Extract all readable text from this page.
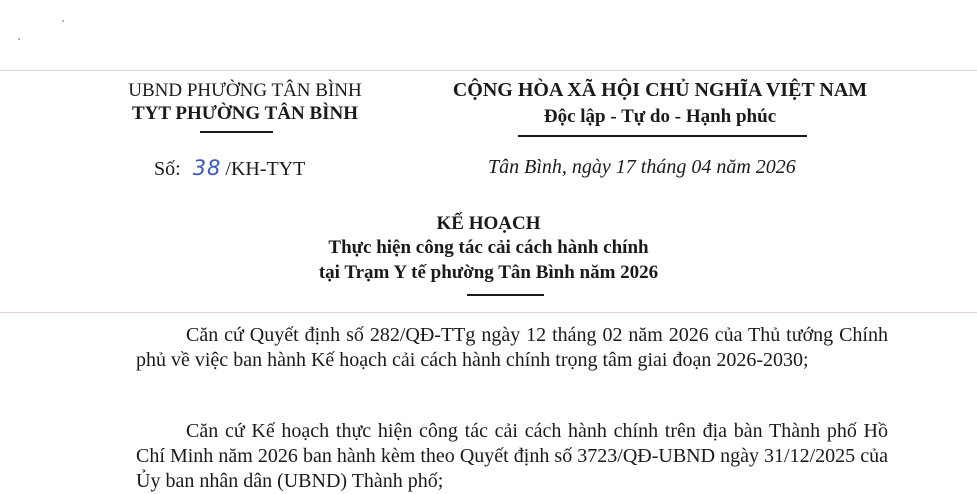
UBND PHƯỜNG TÂN BÌNH
TYT PHƯỜNG TÂN BÌNH
CỘNG HÒA XÃ HỘI CHỦ NGHĨA VIỆT NAM
Độc lập - Tự do - Hạnh phúc
Số: 38 /KH-TYT	Tân Bình, ngày 17 tháng 04 năm 2026
KẾ HOẠCH
Thực hiện công tác cải cách hành chính
tại Trạm Y tế phường Tân Bình năm 2026
Căn cứ Quyết định số 282/QĐ-TTg ngày 12 tháng 02 năm 2026 của Thủ tướng Chính phủ về việc ban hành Kế hoạch cải cách hành chính trọng tâm giai đoạn 2026-2030;
Căn cứ Kế hoạch thực hiện công tác cải cách hành chính trên địa bàn Thành phố Hồ Chí Minh năm 2026 ban hành kèm theo Quyết định số 3723/QĐ-UBND ngày 31/12/2025 của Ủy ban nhân dân (UBND) Thành phố;
